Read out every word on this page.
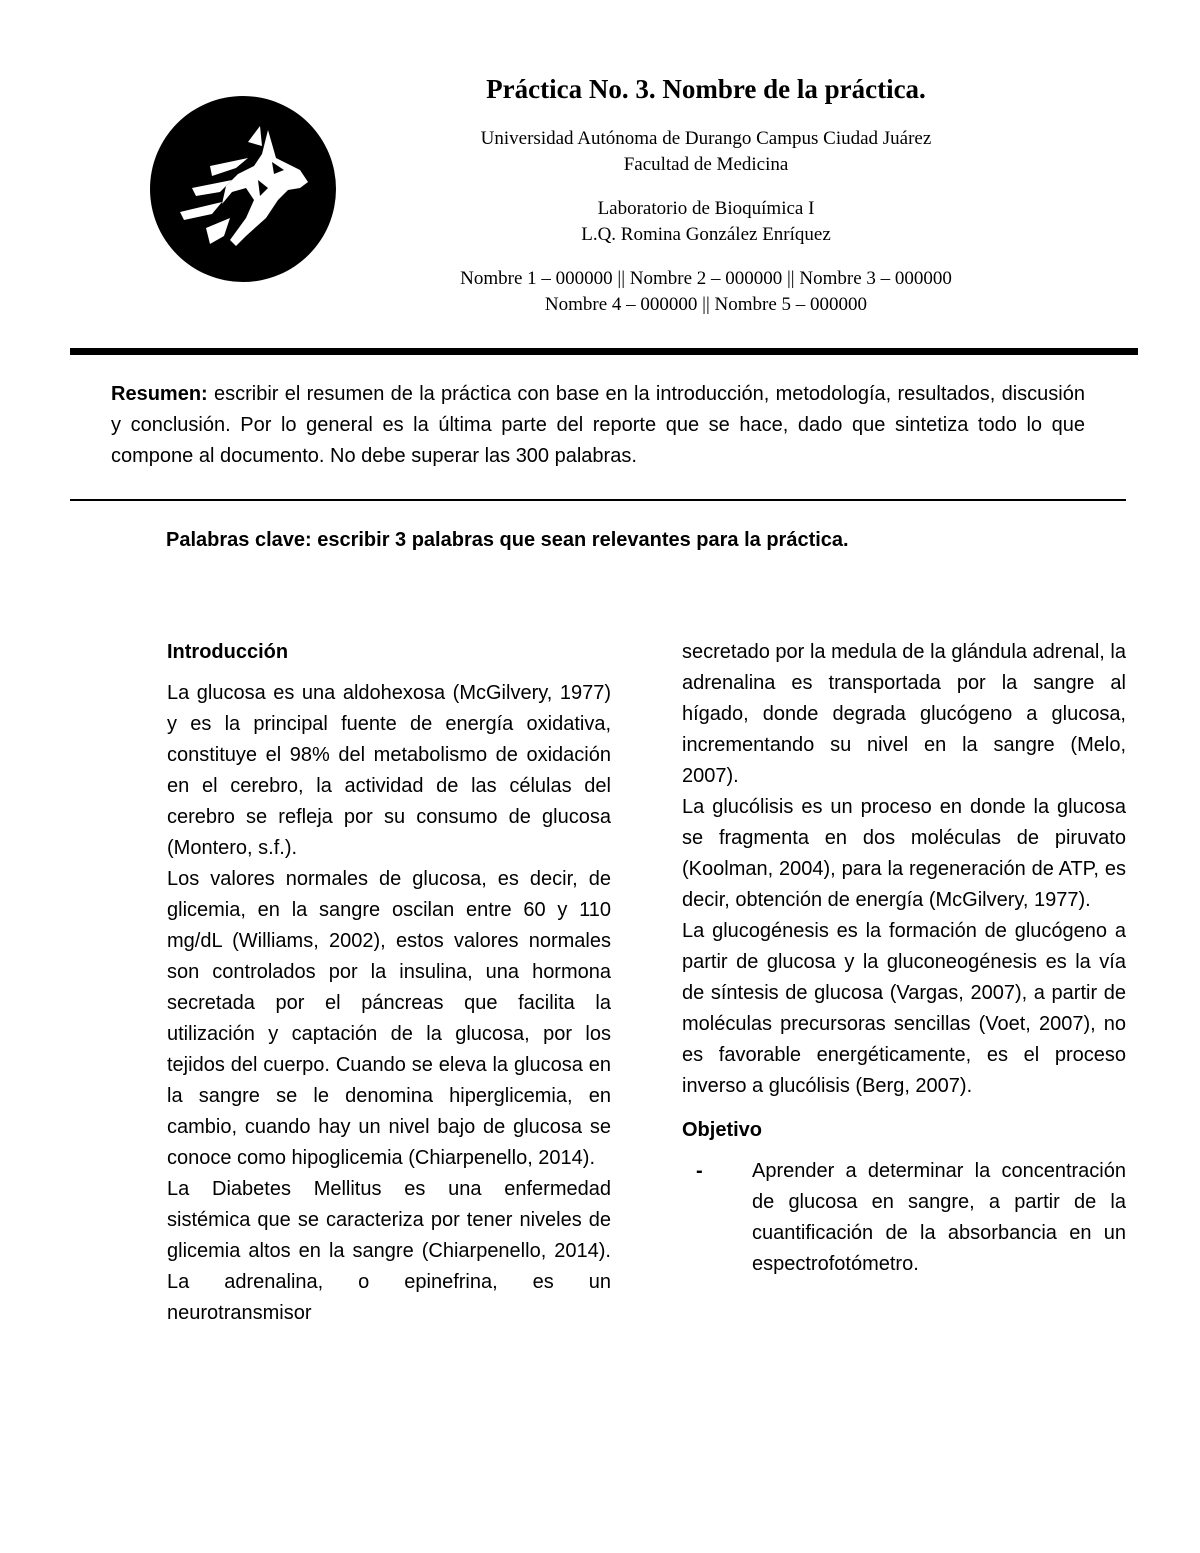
Práctica No. 3. Nombre de la práctica.

Universidad Autónoma de Durango Campus Ciudad Juárez

Facultad de Medicina

Laboratorio de Bioquímica I

L.Q. Romina González Enríquez

Nombre 1 – 000000 || Nombre 2 – 000000 || Nombre 3 – 000000

Nombre 4 – 000000 || Nombre 5 – 000000

Resumen: escribir el resumen de la práctica con base en la introducción, metodología, resultados, discusión y conclusión. Por lo general es la última parte del reporte que se hace, dado que sintetiza todo lo que compone al documento. No debe superar las 300 palabras.

Palabras clave: escribir 3 palabras que sean relevantes para la práctica.

Introducción

La glucosa es una aldohexosa (McGilvery, 1977) y es la principal fuente de energía oxidativa, constituye el 98% del metabolismo de oxidación en el cerebro, la actividad de las células del cerebro se refleja por su consumo de glucosa (Montero, s.f.).

Los valores normales de glucosa, es decir, de glicemia, en la sangre oscilan entre 60 y 110 mg/dL (Williams, 2002), estos valores normales son controlados por la insulina, una hormona secretada por el páncreas que facilita la utilización y captación de la glucosa, por los tejidos del cuerpo. Cuando se eleva la glucosa en la sangre se le denomina hiperglicemia, en cambio, cuando hay un nivel bajo de glucosa se conoce como hipoglicemia (Chiarpenello, 2014).

La Diabetes Mellitus es una enfermedad sistémica que se caracteriza por tener niveles de glicemia altos en la sangre (Chiarpenello, 2014). La adrenalina, o epinefrina, es un neurotransmisor

secretado por la medula de la glándula adrenal, la adrenalina es transportada por la sangre al hígado, donde degrada glucógeno a glucosa, incrementando su nivel en la sangre (Melo, 2007).

La glucólisis es un proceso en donde la glucosa se fragmenta en dos moléculas de piruvato (Koolman, 2004), para la regeneración de ATP, es decir, obtención de energía (McGilvery, 1977).

La glucogénesis es la formación de glucógeno a partir de glucosa y la gluconeogénesis es la vía de síntesis de glucosa (Vargas, 2007), a partir de moléculas precursoras sencillas (Voet, 2007), no es favorable energéticamente, es el proceso inverso a glucólisis (Berg, 2007).

Objetivo
- Aprender a determinar la concentración de glucosa en sangre, a partir de la cuantificación de la absorbancia en un espectrofotómetro.
